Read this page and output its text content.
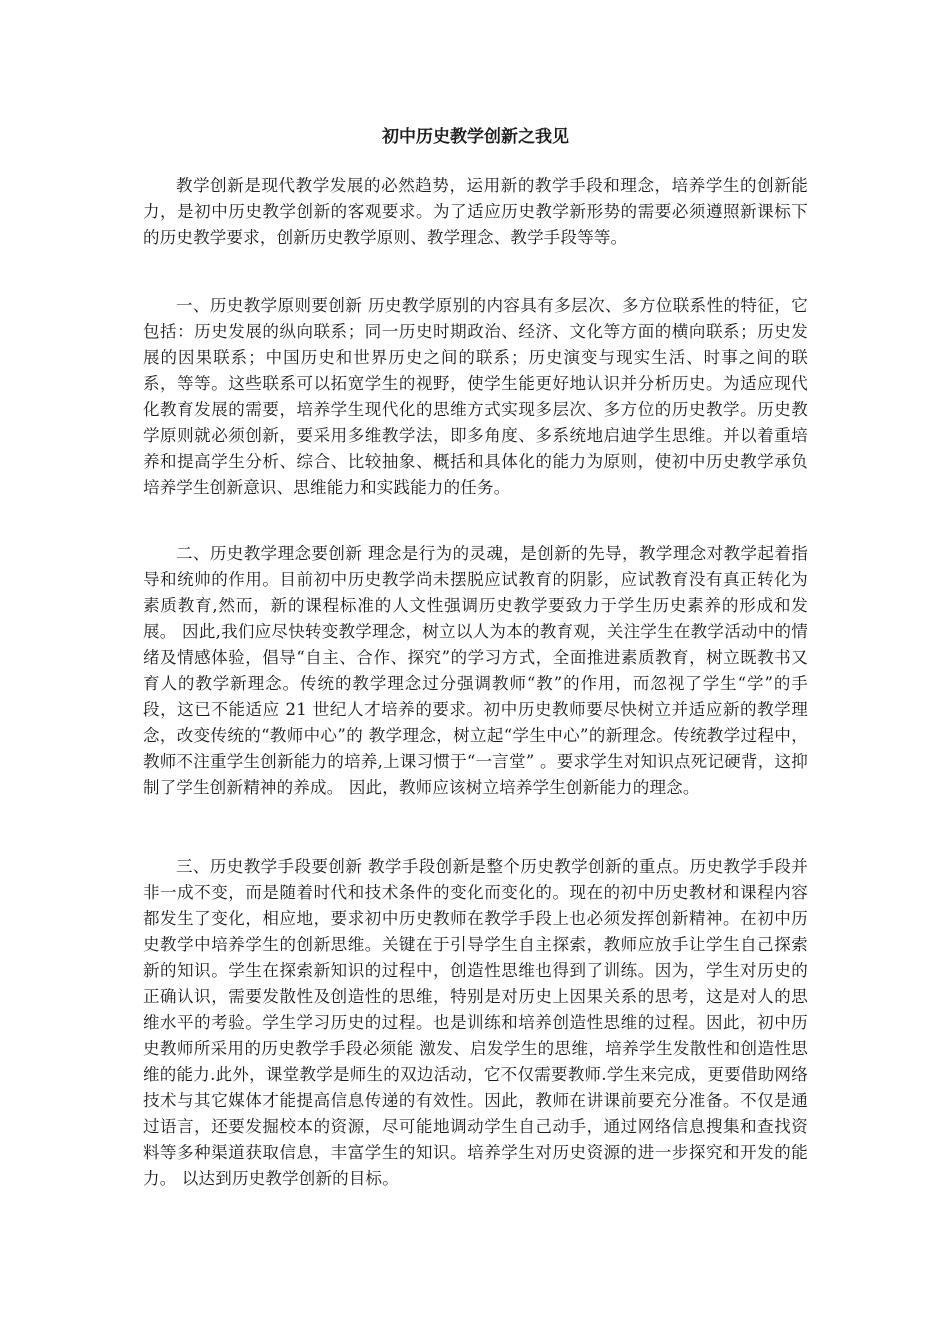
初中历史教学创新之我见

教学创新是现代教学发展的必然趋势，运用新的教学手段和理念，培养学生的创新能力，是初中历史教学创新的客观要求。为了适应历史教学新形势的需要必须遵照新课标下的历史教学要求，创新历史教学原则、教学理念、教学手段等等。

一、历史教学原则要创新 历史教学原别的内容具有多层次、多方位联系性的特征，它包括：历史发展的纵向联系；同一历史时期政治、经济、文化等方面的横向联系；历史发展的因果联系；中国历史和世界历史之间的联系；历史演变与现实生活、时事之间的联系，等等。这些联系可以拓宽学生的视野，使学生能更好地认识并分析历史。为适应现代化教育发展的需要，培养学生现代化的思维方式实现多层次、多方位的历史教学。历史教学原则就必须创新，要采用多维教学法，即多角度、多系统地启迪学生思维。并以着重培养和提高学生分析、综合、比较抽象、概括和具体化的能力为原则，使初中历史教学承负培养学生创新意识、思维能力和实践能力的任务。

二、历史教学理念要创新 理念是行为的灵魂，是创新的先导，教学理念对教学起着指导和统帅的作用。目前初中历史教学尚未摆脱应试教育的阴影，应试教育没有真正转化为素质教育,然而，新的课程标准的人文性强调历史教学要致力于学生历史素养的形成和发展。 因此,我们应尽快转变教学理念，树立以人为本的教育观，关注学生在教学活动中的情绪及情感体验，倡导“自主、合作、探究”的学习方式，全面推进素质教育，树立既教书又育人的教学新理念。传统的教学理念过分强调教师“教”的作用，而忽视了学生“学”的手段，这已不能适应 21 世纪人才培养的要求。初中历史教师要尽快树立并适应新的教学理念，改变传统的“教师中心”的 教学理念，树立起“学生中心”的新理念。传统教学过程中，教师不注重学生创新能力的培养,上课习惯于“一言堂” 。要求学生对知识点死记硬背，这抑制了学生创新精神的养成。 因此，教师应该树立培养学生创新能力的理念。

三、历史教学手段要创新 教学手段创新是整个历史教学创新的重点。历史教学手段并非一成不变，而是随着时代和技术条件的变化而变化的。现在的初中历史教材和课程内容都发生了变化，相应地，要求初中历史教师在教学手段上也必须发挥创新精神。在初中历史教学中培养学生的创新思维。关键在于引导学生自主探索，教师应放手让学生自己探索新的知识。学生在探索新知识的过程中，创造性思维也得到了训练。因为，学生对历史的正确认识，需要发散性及创造性的思维，特别是对历史上因果关系的思考，这是对人的思维水平的考验。学生学习历史的过程。也是训练和培养创造性思维的过程。因此，初中历史教师所采用的历史教学手段必须能 激发、启发学生的思维，培养学生发散性和创造性思维的能力.此外，课堂教学是师生的双边活动，它不仅需要教师.学生来完成，更要借助网络技术与其它媒体才能提高信息传递的有效性。因此，教师在讲课前要充分准备。不仅是通过语言，还要发掘校本的资源，尽可能地调动学生自己动手，通过网络信息搜集和查找资料等多种渠道获取信息，丰富学生的知识。培养学生对历史资源的进一步探究和开发的能力。 以达到历史教学创新的目标。
